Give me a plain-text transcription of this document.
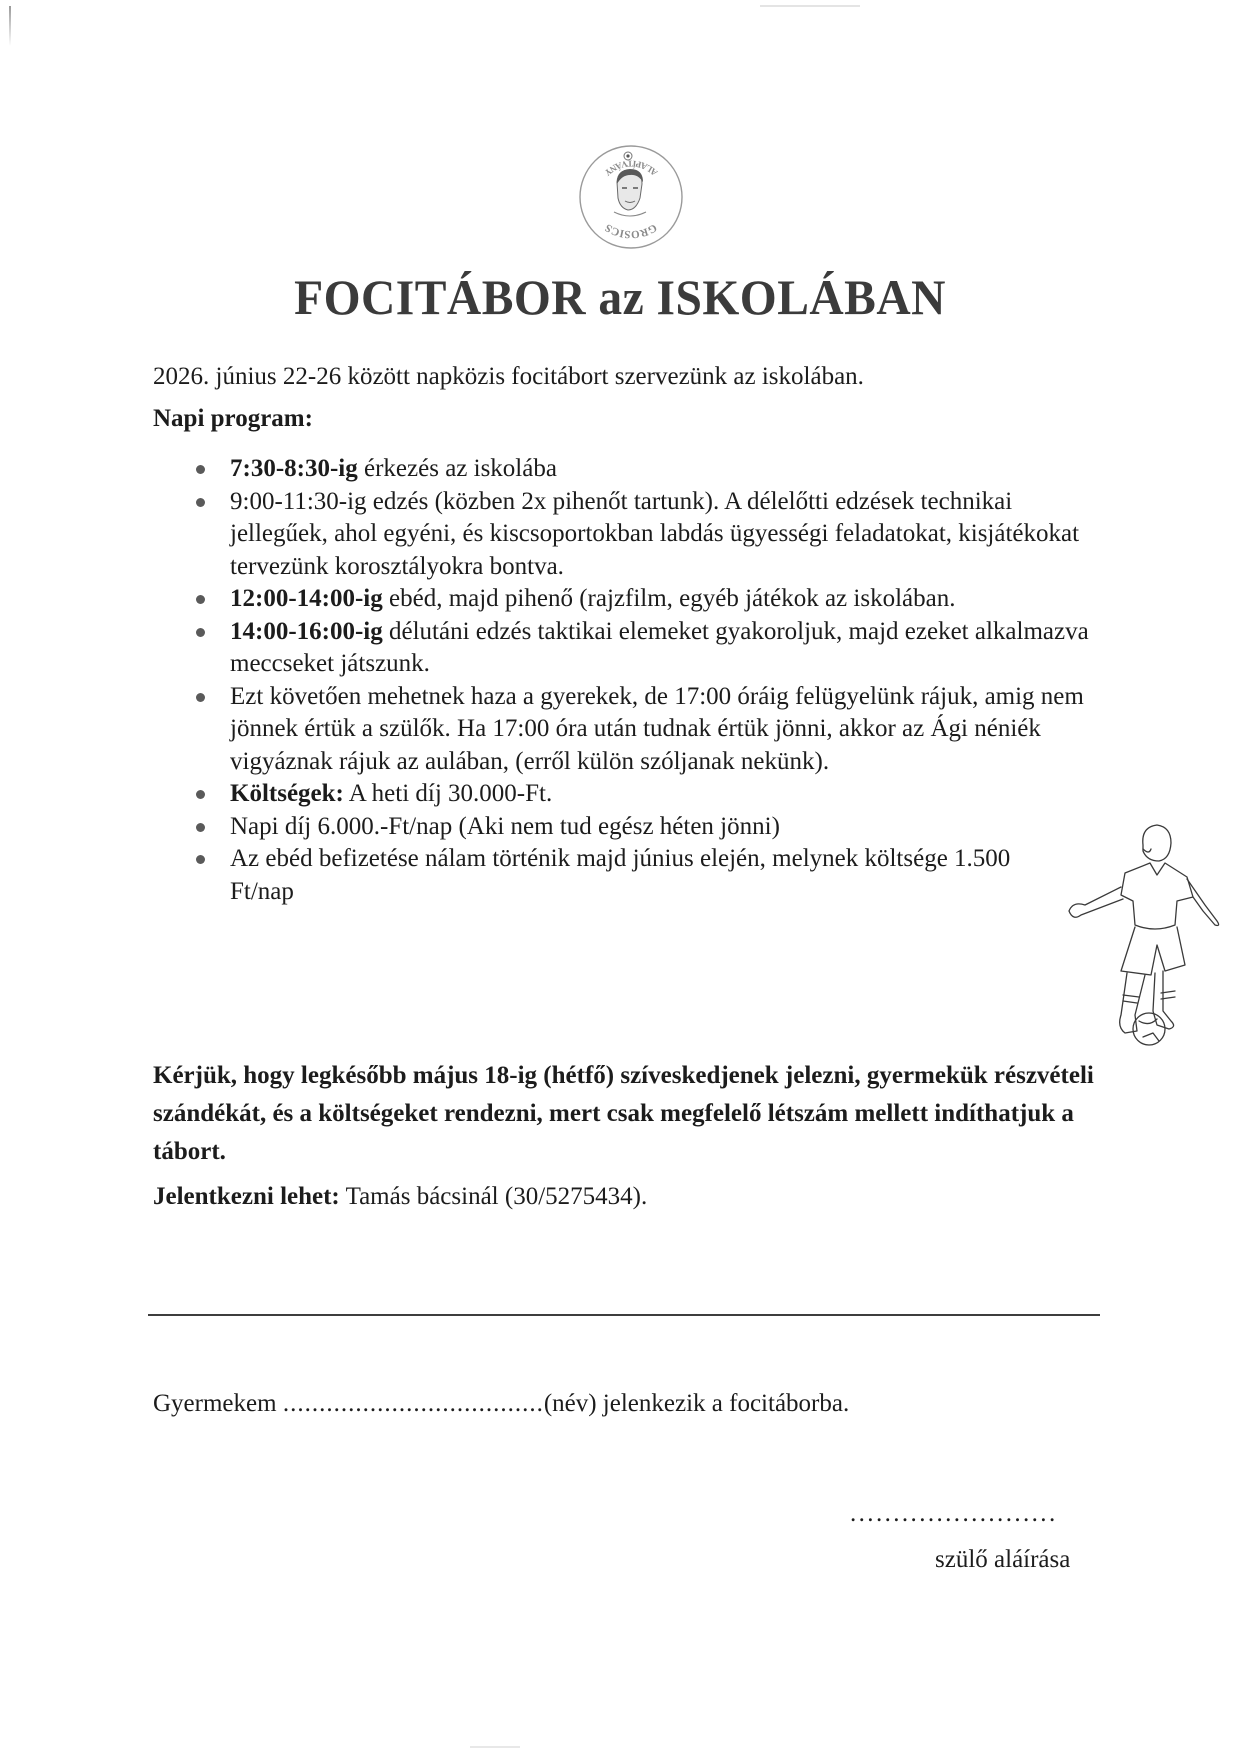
GROSICS
ALAPÍTVÁNY
FOCITÁBOR az ISKOLÁBAN
2026. június 22-26 között napközis focitábort szervezünk az iskolában.
Napi program:
7:30-8:30-ig érkezés az iskolába
9:00-11:30-ig edzés (közben 2x pihenőt tartunk). A délelőtti edzések technikai jellegűek, ahol egyéni, és kiscsoportokban labdás ügyességi feladatokat, kisjátékokat tervezünk korosztályokra bontva.
12:00-14:00-ig ebéd, majd pihenő (rajzfilm, egyéb játékok az iskolában.
14:00-16:00-ig délutáni edzés taktikai elemeket gyakoroljuk, majd ezeket alkalmazva meccseket játszunk.
Ezt követően mehetnek haza a gyerekek, de 17:00 óráig felügyelünk rájuk, amig nem jönnek értük a szülők. Ha 17:00 óra után tudnak értük jönni, akkor az Ági néniék vigyáznak rájuk az aulában, (erről külön szóljanak nekünk).
Költségek: A heti díj 30.000-Ft.
Napi díj 6.000.-Ft/nap (Aki nem tud egész héten jönni)
Az ebéd befizetése nálam történik majd június elején, melynek költsége 1.500 Ft/nap
Kérjük, hogy legkésőbb május 18-ig (hétfő) szíveskedjenek jelezni, gyermekük részvételi szándékát, és a költségeket rendezni, mert csak megfelelő létszám mellett indíthatjuk a tábort.
Jelentkezni lehet: Tamás bácsinál (30/5275434).
Gyermekem ....................................(név) jelenkezik a focitáborba.
........................
szülő aláírása
